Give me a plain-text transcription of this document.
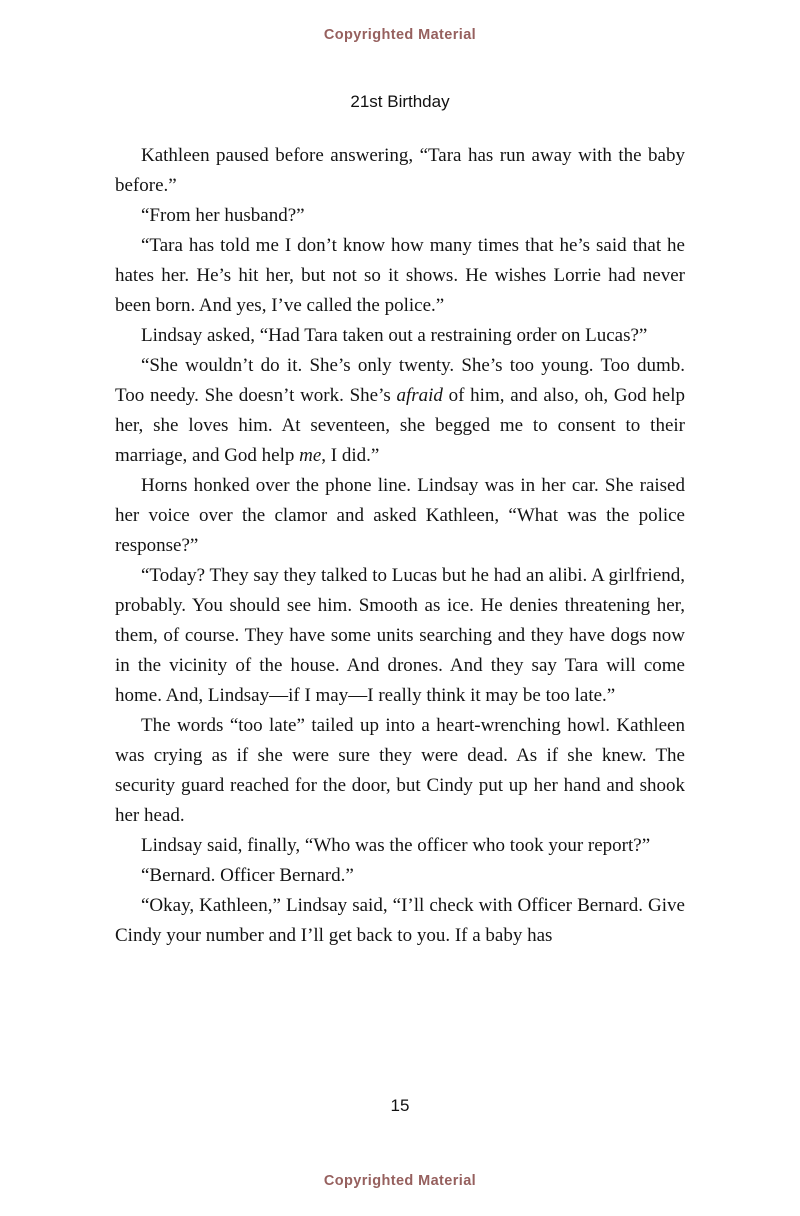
Copyrighted Material
21st Birthday

Kathleen paused before answering, “Tara has run away with the baby before.”

“From her husband?”

“Tara has told me I don’t know how many times that he’s said that he hates her. He’s hit her, but not so it shows. He wishes Lorrie had never been born. And yes, I’ve called the police.”

Lindsay asked, “Had Tara taken out a restraining order on Lucas?”

“She wouldn’t do it. She’s only twenty. She’s too young. Too dumb. Too needy. She doesn’t work. She’s afraid of him, and also, oh, God help her, she loves him. At seventeen, she begged me to consent to their marriage, and God help me, I did.”

Horns honked over the phone line. Lindsay was in her car. She raised her voice over the clamor and asked Kathleen, “What was the police response?”

“Today? They say they talked to Lucas but he had an alibi. A girlfriend, probably. You should see him. Smooth as ice. He denies threatening her, them, of course. They have some units searching and they have dogs now in the vicinity of the house. And drones. And they say Tara will come home. And, Lindsay—if I may—I really think it may be too late.”

The words “too late” tailed up into a heart-wrenching howl. Kathleen was crying as if she were sure they were dead. As if she knew. The security guard reached for the door, but Cindy put up her hand and shook her head.

Lindsay said, finally, “Who was the officer who took your report?”

“Bernard. Officer Bernard.”

“Okay, Kathleen,” Lindsay said, “I’ll check with Officer Bernard. Give Cindy your number and I’ll get back to you. If a baby has

15
Copyrighted Material
